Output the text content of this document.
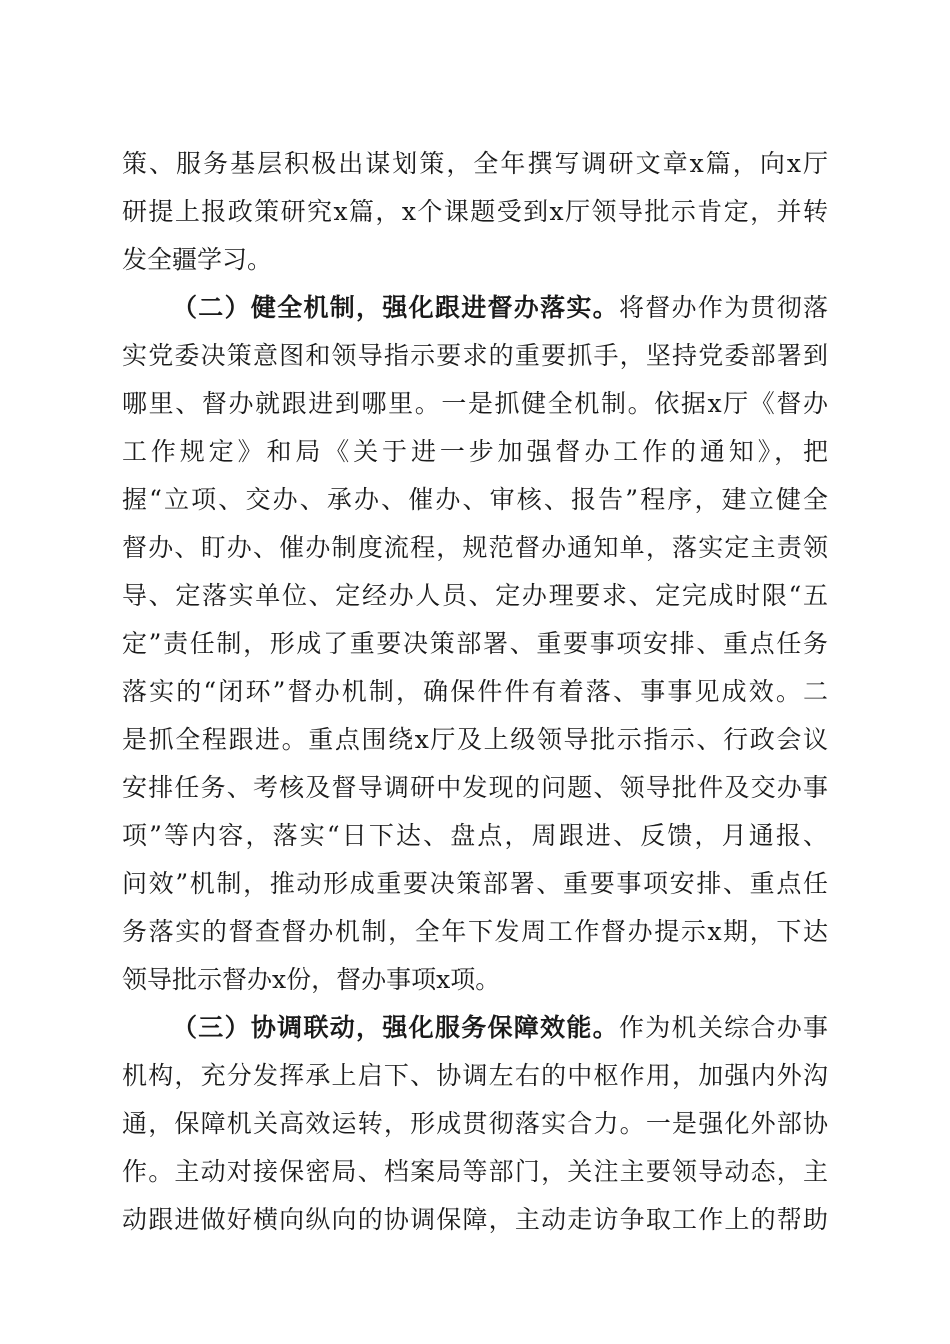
策、服务基层积极出谋划策，全年撰写调研文章x篇，向x厅
研提上报政策研究x篇，x个课题受到x厅领导批示肯定，并转
发全疆学习。
（二）健全机制，强化跟进督办落实。将督办作为贯彻落
实党委决策意图和领导指示要求的重要抓手，坚持党委部署到
哪里、督办就跟进到哪里。一是抓健全机制。依据x厅《督办
工作规定》和局《关于进一步加强督办工作的通知》，把
握“立项、交办、承办、催办、审核、报告”程序，建立健全
督办、盯办、催办制度流程，规范督办通知单，落实定主责领
导、定落实单位、定经办人员、定办理要求、定完成时限“五
定”责任制，形成了重要决策部署、重要事项安排、重点任务
落实的“闭环”督办机制，确保件件有着落、事事见成效。二
是抓全程跟进。重点围绕x厅及上级领导批示指示、行政会议
安排任务、考核及督导调研中发现的问题、领导批件及交办事
项”等内容，落实“日下达、盘点，周跟进、反馈，月通报、
问效”机制，推动形成重要决策部署、重要事项安排、重点任
务落实的督查督办机制，全年下发周工作督办提示x期，下达
领导批示督办x份，督办事项x项。
（三）协调联动，强化服务保障效能。作为机关综合办事
机构，充分发挥承上启下、协调左右的中枢作用，加强内外沟
通，保障机关高效运转，形成贯彻落实合力。一是强化外部协
作。主动对接保密局、档案局等部门，关注主要领导动态，主
动跟进做好横向纵向的协调保障，主动走访争取工作上的帮助
